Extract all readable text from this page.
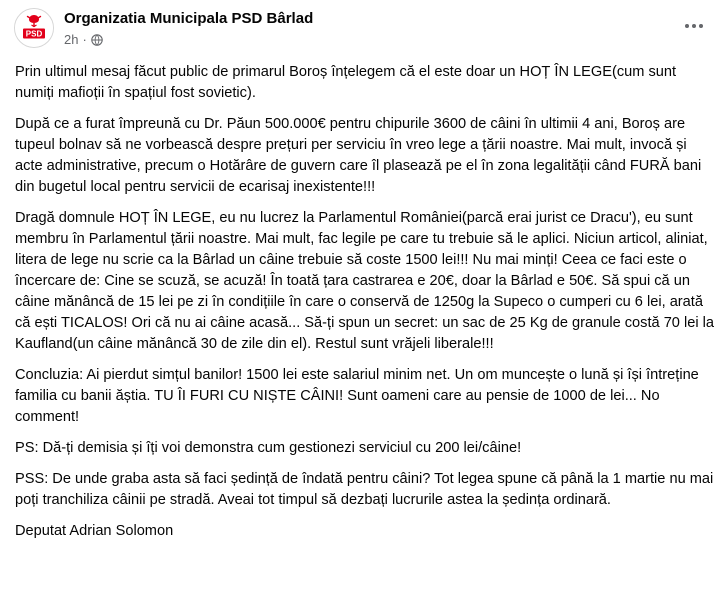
PSD
Organizatia Municipala PSD Bârlad
2h ·

Prin ultimul mesaj făcut public de primarul Boroș înțelegem că el este doar un HOȚ ÎN LEGE(cum sunt numiți mafioții în spațiul fost sovietic).

După ce a furat împreună cu Dr. Păun 500.000€ pentru chipurile 3600 de câini în ultimii 4 ani, Boroș are tupeul bolnav să ne vorbească despre prețuri per serviciu în vreo lege a țării noastre. Mai mult, invocă și acte administrative, precum o Hotărâre de guvern care îl plasează pe el în zona legalității când FURĂ bani din bugetul local pentru servicii de ecarisaj inexistente!!!

Dragă domnule HOȚ ÎN LEGE, eu nu lucrez la Parlamentul României(parcă erai jurist ce Dracu'), eu sunt membru în Parlamentul țării noastre. Mai mult, fac legile pe care tu trebuie să le aplici. Niciun articol, aliniat, litera de lege nu scrie ca la Bârlad un câine trebuie să coste 1500 lei!!! Nu mai minți! Ceea ce faci este o încercare de: Cine se scuză, se acuză! În toată țara castrarea e 20€, doar la Bârlad e 50€. Să spui că un câine mănâncă de 15 lei pe zi în condițiile în care o conservă de 1250g la Supeco o cumperi cu 6 lei, arată că ești TICALOS! Ori că nu ai câine acasă... Să-ți spun un secret: un sac de 25 Kg de granule costă 70 lei la Kaufland(un câine mănâncă 30 de zile din el). Restul sunt vrăjeli liberale!!!

Concluzia: Ai pierdut simțul banilor! 1500 lei este salariul minim net. Un om muncește o lună și își întreține familia cu banii ăștia. TU ÎI FURI CU NIȘTE CÂINI! Sunt oameni care au pensie de 1000 de lei... No comment!

PS: Dă-ți demisia și îți voi demonstra cum gestionezi serviciul cu 200 lei/câine!

PSS: De unde graba asta să faci ședință de îndată pentru câini? Tot legea spune că până la 1 martie nu mai poți tranchiliza câinii pe stradă. Aveai tot timpul să dezbați lucrurile astea la ședința ordinară.

Deputat Adrian Solomon
